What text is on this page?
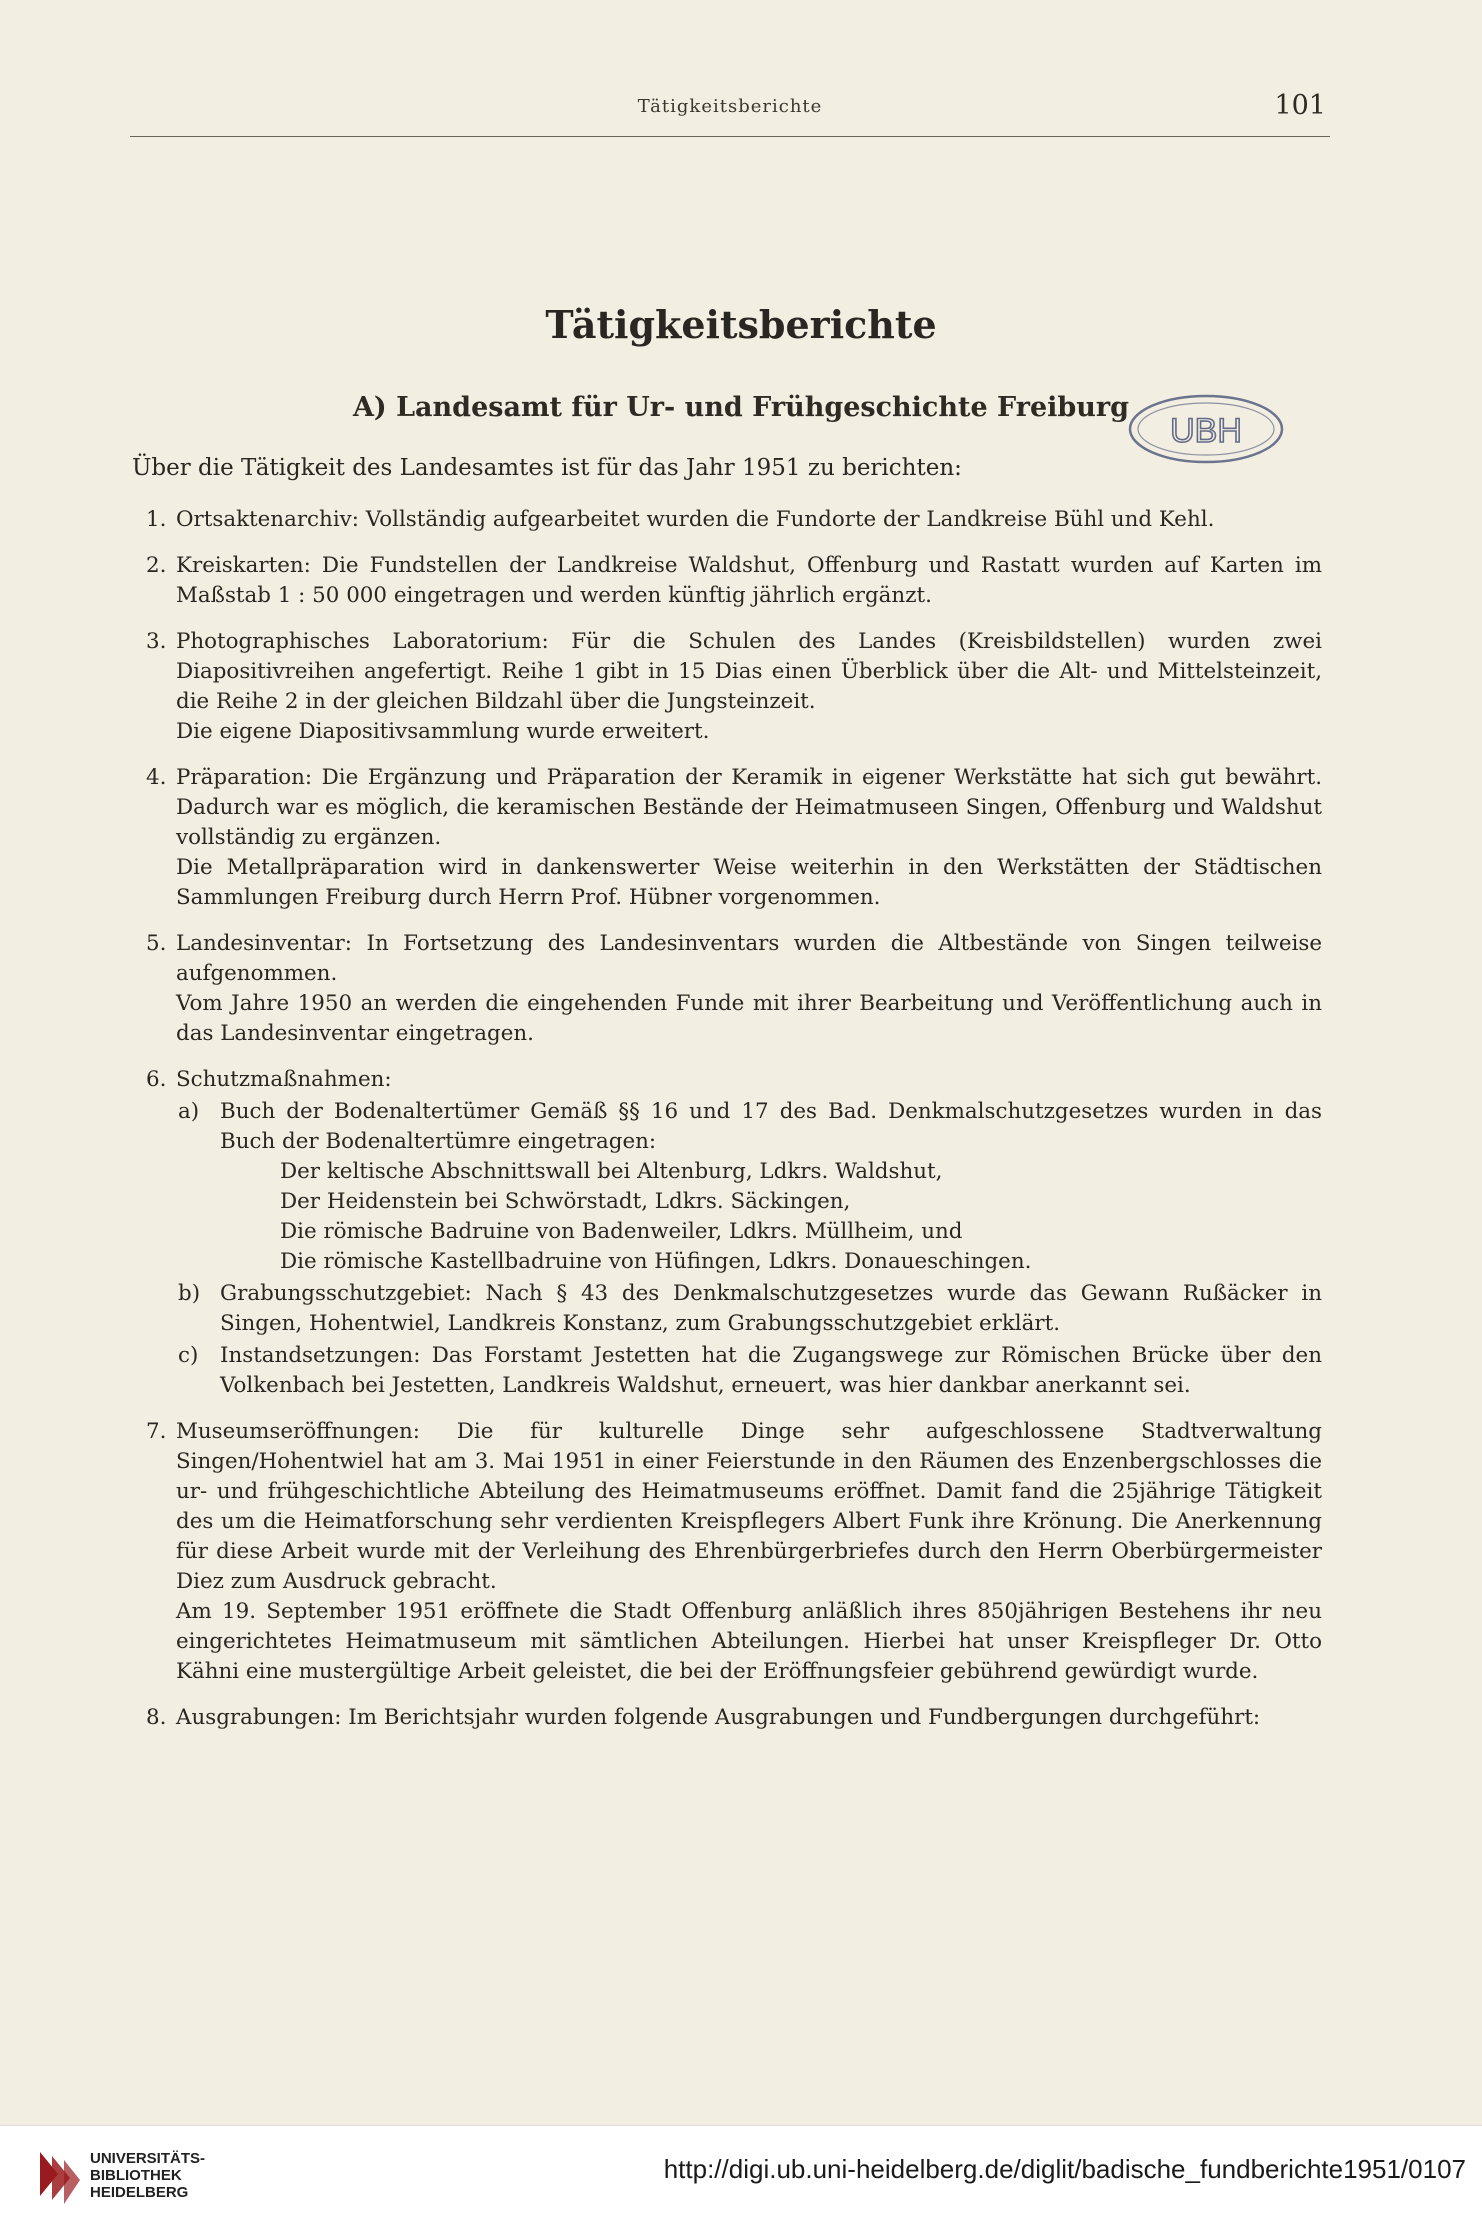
Tätigkeitsberichte	101
Tätigkeitsberichte
A) Landesamt für Ur- und Frühgeschichte Freiburg
UBH
Über die Tätigkeit des Landesamtes ist für das Jahr 1951 zu berichten:
1. Ortsaktenarchiv: Vollständig aufgearbeitet wurden die Fundorte der Landkreise Bühl und Kehl.

2. Kreiskarten: Die Fundstellen der Landkreise Waldshut, Offenburg und Rastatt wurden auf Karten im Maßstab 1 : 50 000 eingetragen und werden künftig jährlich ergänzt.

3. Photographisches Laboratorium: Für die Schulen des Landes (Kreisbildstellen) wurden zwei Diapositivreihen angefertigt. Reihe 1 gibt in 15 Dias einen Überblick über die Alt- und Mittelsteinzeit, die Reihe 2 in der gleichen Bildzahl über die Jungsteinzeit.

Die eigene Diapositivsammlung wurde erweitert.

4. Präparation: Die Ergänzung und Präparation der Keramik in eigener Werkstätte hat sich gut bewährt. Dadurch war es möglich, die keramischen Bestände der Heimatmuseen Singen, Offenburg und Waldshut vollständig zu ergänzen.

Die Metallpräparation wird in dankenswerter Weise weiterhin in den Werkstätten der Städtischen Sammlungen Freiburg durch Herrn Prof. Hübner vorgenommen.

5. Landesinventar: In Fortsetzung des Landesinventars wurden die Altbestände von Singen teilweise aufgenommen.

Vom Jahre 1950 an werden die eingehenden Funde mit ihrer Bearbeitung und Veröffentlichung auch in das Landesinventar eingetragen.

6. Schutzmaßnahmen:

a) Buch der Bodenaltertümer Gemäß §§ 16 und 17 des Bad. Denkmalschutzgesetzes wurden in das Buch der Bodenaltertümre eingetragen:

Der keltische Abschnittswall bei Altenburg, Ldkrs. Waldshut,
Der Heidenstein bei Schwörstadt, Ldkrs. Säckingen,
Die römische Badruine von Badenweiler, Ldkrs. Müllheim, und
Die römische Kastellbadruine von Hüfingen, Ldkrs. Donaueschingen.
b) Grabungsschutzgebiet: Nach § 43 des Denkmalschutzgesetzes wurde das Gewann Rußäcker in Singen, Hohentwiel, Landkreis Konstanz, zum Grabungsschutzgebiet erklärt.

c) Instandsetzungen: Das Forstamt Jestetten hat die Zugangswege zur Römischen Brücke über den Volkenbach bei Jestetten, Landkreis Waldshut, erneuert, was hier dankbar anerkannt sei.

7. Museumseröffnungen: Die für kulturelle Dinge sehr aufgeschlossene Stadtverwaltung Singen/Hohentwiel hat am 3. Mai 1951 in einer Feierstunde in den Räumen des Enzenbergschlosses die ur- und frühgeschichtliche Abteilung des Heimatmuseums eröffnet. Damit fand die 25jährige Tätigkeit des um die Heimatforschung sehr verdienten Kreispflegers Albert Funk ihre Krönung. Die Anerkennung für diese Arbeit wurde mit der Verleihung des Ehrenbürgerbriefes durch den Herrn Oberbürgermeister Diez zum Ausdruck gebracht.

Am 19. September 1951 eröffnete die Stadt Offenburg anläßlich ihres 850jährigen Bestehens ihr neu eingerichtetes Heimatmuseum mit sämtlichen Abteilungen. Hierbei hat unser Kreispfleger Dr. Otto Kähni eine mustergültige Arbeit geleistet, die bei der Eröffnungsfeier gebührend gewürdigt wurde.

8. Ausgrabungen: Im Berichtsjahr wurden folgende Ausgrabungen und Fundbergungen durchgeführt:

UNIVERSITÄTS-
BIBLIOTHEK
HEIDELBERG
http://digi.ub.uni-heidelberg.de/diglit/badische_fundberichte1951/0107
